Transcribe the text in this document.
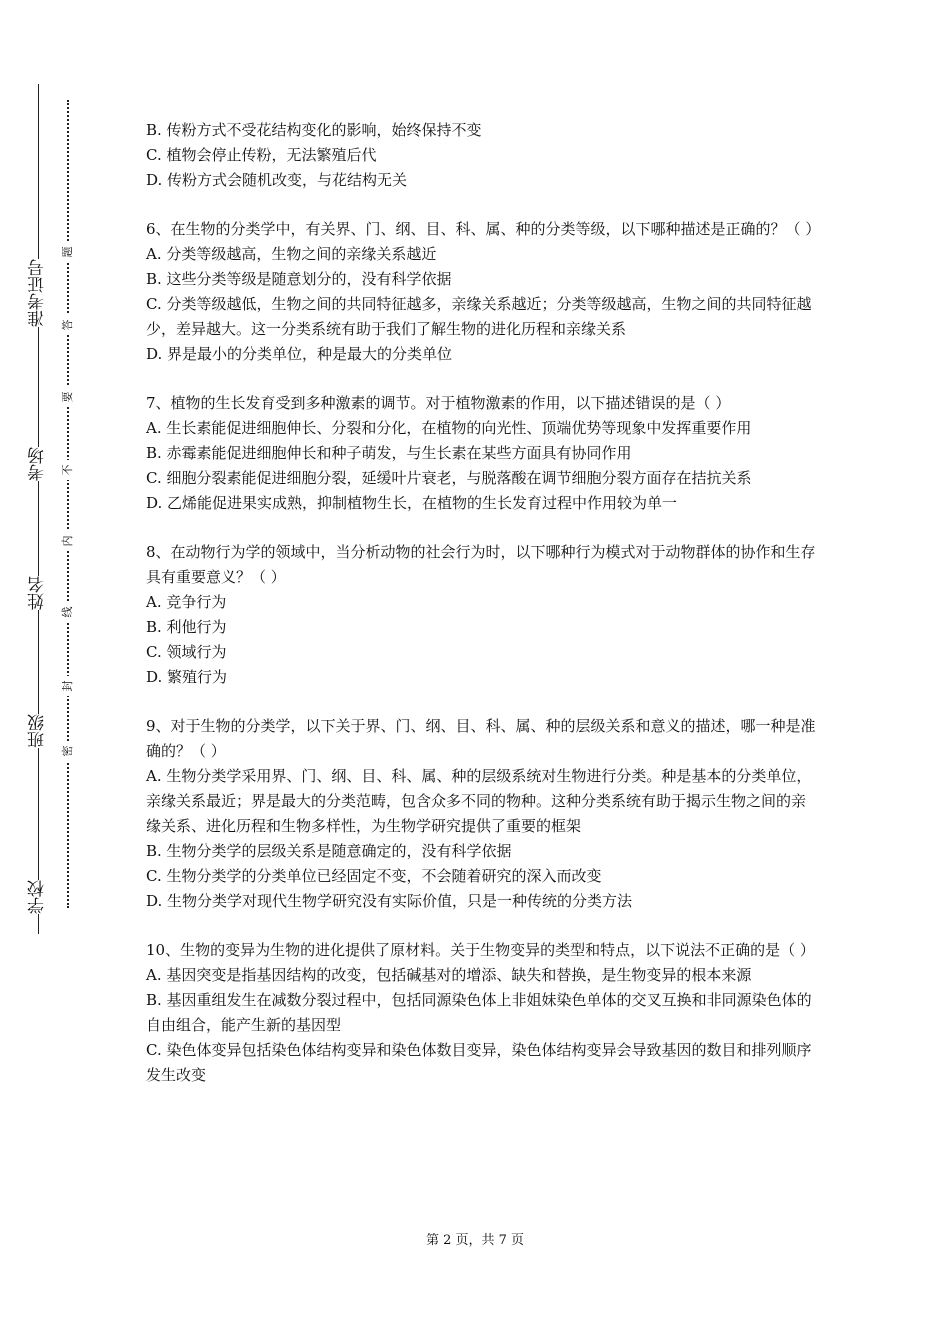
学校
班级
姓名
考场
准考证号
密
封
线
内
不
要
答
题

B. 传粉方式不受花结构变化的影响，始终保持不变

C. 植物会停止传粉，无法繁殖后代

D. 传粉方式会随机改变，与花结构无关

6、在生物的分类学中，有关界、门、纲、目、科、属、种的分类等级，以下哪种描述是正确的？（ ）

A. 分类等级越高，生物之间的亲缘关系越近

B. 这些分类等级是随意划分的，没有科学依据

C. 分类等级越低，生物之间的共同特征越多，亲缘关系越近；分类等级越高，生物之间的共同特征越少，差异越大。这一分类系统有助于我们了解生物的进化历程和亲缘关系

D. 界是最小的分类单位，种是最大的分类单位

7、植物的生长发育受到多种激素的调节。对于植物激素的作用，以下描述错误的是（ ）

A. 生长素能促进细胞伸长、分裂和分化，在植物的向光性、顶端优势等现象中发挥重要作用

B. 赤霉素能促进细胞伸长和种子萌发，与生长素在某些方面具有协同作用

C. 细胞分裂素能促进细胞分裂，延缓叶片衰老，与脱落酸在调节细胞分裂方面存在拮抗关系

D. 乙烯能促进果实成熟，抑制植物生长，在植物的生长发育过程中作用较为单一

8、在动物行为学的领域中，当分析动物的社会行为时，以下哪种行为模式对于动物群体的协作和生存具有重要意义？（ ）

A. 竞争行为

B. 利他行为

C. 领域行为

D. 繁殖行为

9、对于生物的分类学，以下关于界、门、纲、目、科、属、种的层级关系和意义的描述，哪一种是准确的？（ ）

A. 生物分类学采用界、门、纲、目、科、属、种的层级系统对生物进行分类。种是基本的分类单位，亲缘关系最近；界是最大的分类范畴，包含众多不同的物种。这种分类系统有助于揭示生物之间的亲缘关系、进化历程和生物多样性，为生物学研究提供了重要的框架

B. 生物分类学的层级关系是随意确定的，没有科学依据

C. 生物分类学的分类单位已经固定不变，不会随着研究的深入而改变

D. 生物分类学对现代生物学研究没有实际价值，只是一种传统的分类方法

10、生物的变异为生物的进化提供了原材料。关于生物变异的类型和特点，以下说法不正确的是（ ）

A. 基因突变是指基因结构的改变，包括碱基对的增添、缺失和替换，是生物变异的根本来源

B. 基因重组发生在减数分裂过程中，包括同源染色体上非姐妹染色单体的交叉互换和非同源染色体的自由组合，能产生新的基因型

C. 染色体变异包括染色体结构变异和染色体数目变异，染色体结构变异会导致基因的数目和排列顺序发生改变

第 2 页，共 7 页
